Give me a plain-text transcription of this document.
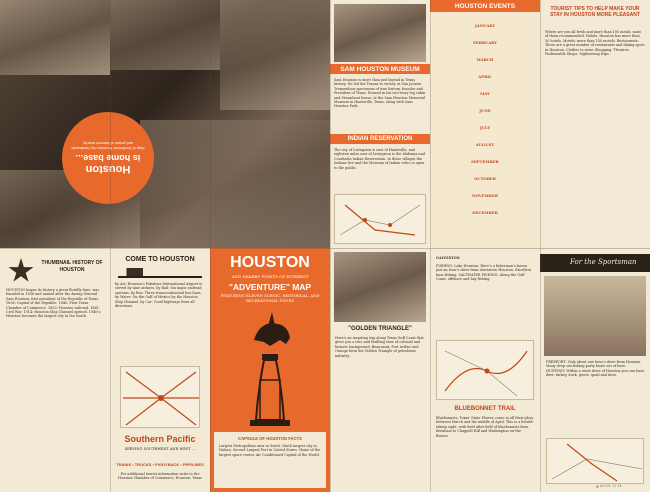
Houston
is home base...
Map of Southwest Houston city landmarks and points of interest nearby
SAM HOUSTON MUSEUM
Sam Houston is more than just legend in Texas history. He led the Texans to victory at San Jacinto. Tremendous specimens of true history, founder and President of Texas. Housed in his two-story log cabin and Steamboat house, at the Sam Houston Memorial Museum in Huntsville, Texas, along with Sam Houston Park.
INDIAN RESERVATION
The city of Livingston is east of Huntsville, and eighteen miles east of Livingston is the Alabama and Coushatta Indian Reservation. In these villages the Indians live and the Museum of Indian relics is open to the public.
HOUSTON EVENTS
JANUARY
FEBRUARY
MARCH
APRIL
MAY
JUNE
JULY
AUGUST
SEPTEMBER
OCTOBER
NOVEMBER
DECEMBER
TOURIST TIPS TO HELP MAKE YOUR STAY IN HOUSTON MORE PLEASANT
Where are you all fresh and more than 100 meals, most of them recommended. Hotels: Houston has more than 50 hotels. Motels: more than 150 motels. Restaurants: There are a great number of restaurants and dining spots in Houston. Clothes to wear. Shopping. Theatres. Fashionable Shops. Sightseeing trips.
THUMBNAIL HISTORY OF HOUSTON
HOUSTON began its history a great floridly time, was founded in 1836 and named after the daring General Sam Houston, first president of the Republic of Texas. 1836: Capital of the Republic. 1840: First Texas Chamber of Commerce. 1853: Houston railroad. 1861: Civil War. 1914: Houston Ship Channel opened. 1940's: Houston becomes the largest city in the South.
COME TO HOUSTON
by Air: Houston's Fabulous International Airport is served by nine airlines. by Rail: Six major railroad systems. by Bus: Three transcontinental bus lines. by Water: On the Gulf of Mexico by the Houston Ship Channel. by Car: Good highways from all directions.
Southern Pacific
SERVING SOUTHWEST AND WEST ...
TRAINS • TRUCKS • PIGGYBACK • PIPELINES
For additional tourist information write to the Houston Chamber of Commerce, Houston, Texas
HOUSTON
AND NEARBY POINTS OF INTEREST
"ADVENTURE" MAP
FEATURING ELEVEN SCENIC, HISTORICAL, AND RECREATIONAL TOURS
CAPSULE OF HOUSTON FACTS
Largest Metropolitan area in South. Ninth largest city in Nation. Second Largest Port in United States. Home of the largest space center. Air Conditioned Capital of the World.
"GOLDEN TRIANGLE"
Here's an inspiring trip along Texas Gulf Coast that gives you a true and thrilling view of colonial and historic background. Beaumont, Port Arthur and Orange form the Golden Triangle of petroleum industry.
GALVESTON
FISHING: Lake Houston: Here's a fisherman's haven just an hour's drive from downtown Houston. Excellent bass fishing. SALTWATER FISHING: Along the Gulf Coast, offshore and bay fishing.
BLUEBONNET TRAIL
Bluebonnets, Texas' State Flower, come in all their glory between March and the middle of April. This is a breath-taking sight, with field after field of bluebonnets from Brenham to Chappell Hill and Washington-on-the-Brazos.
For the Sportsman
FREEPORT: Only about one hour's drive from Houston. Many deep sea fishing party boats out of here. HUNTING: Within a short drive of Houston you can hunt deer, turkey, duck, geese, quail and dove.
▲ A0281 15-14
